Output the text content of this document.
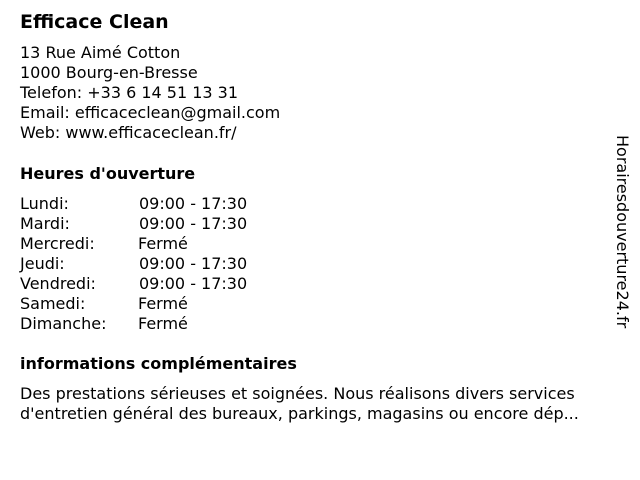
Efficace Clean
13 Rue Aimé Cotton
1000 Bourg-en-Bresse
Telefon: +33 6 14 51 13 31
Email: efficaceclean@gmail.com
Web: www.efficaceclean.fr/
Heures d'ouverture
Lundi:	09:00 - 17:30
Mardi:	09:00 - 17:30
Mercredi:	Fermé
Jeudi:	09:00 - 17:30
Vendredi:	09:00 - 17:30
Samedi:	Fermé
Dimanche: Fermé
informations complémentaires
Des prestations sérieuses et soignées. Nous réalisons divers services
d'entretien général des bureaux, parkings, magasins ou encore dép...
Horairesdouverture24.fr
